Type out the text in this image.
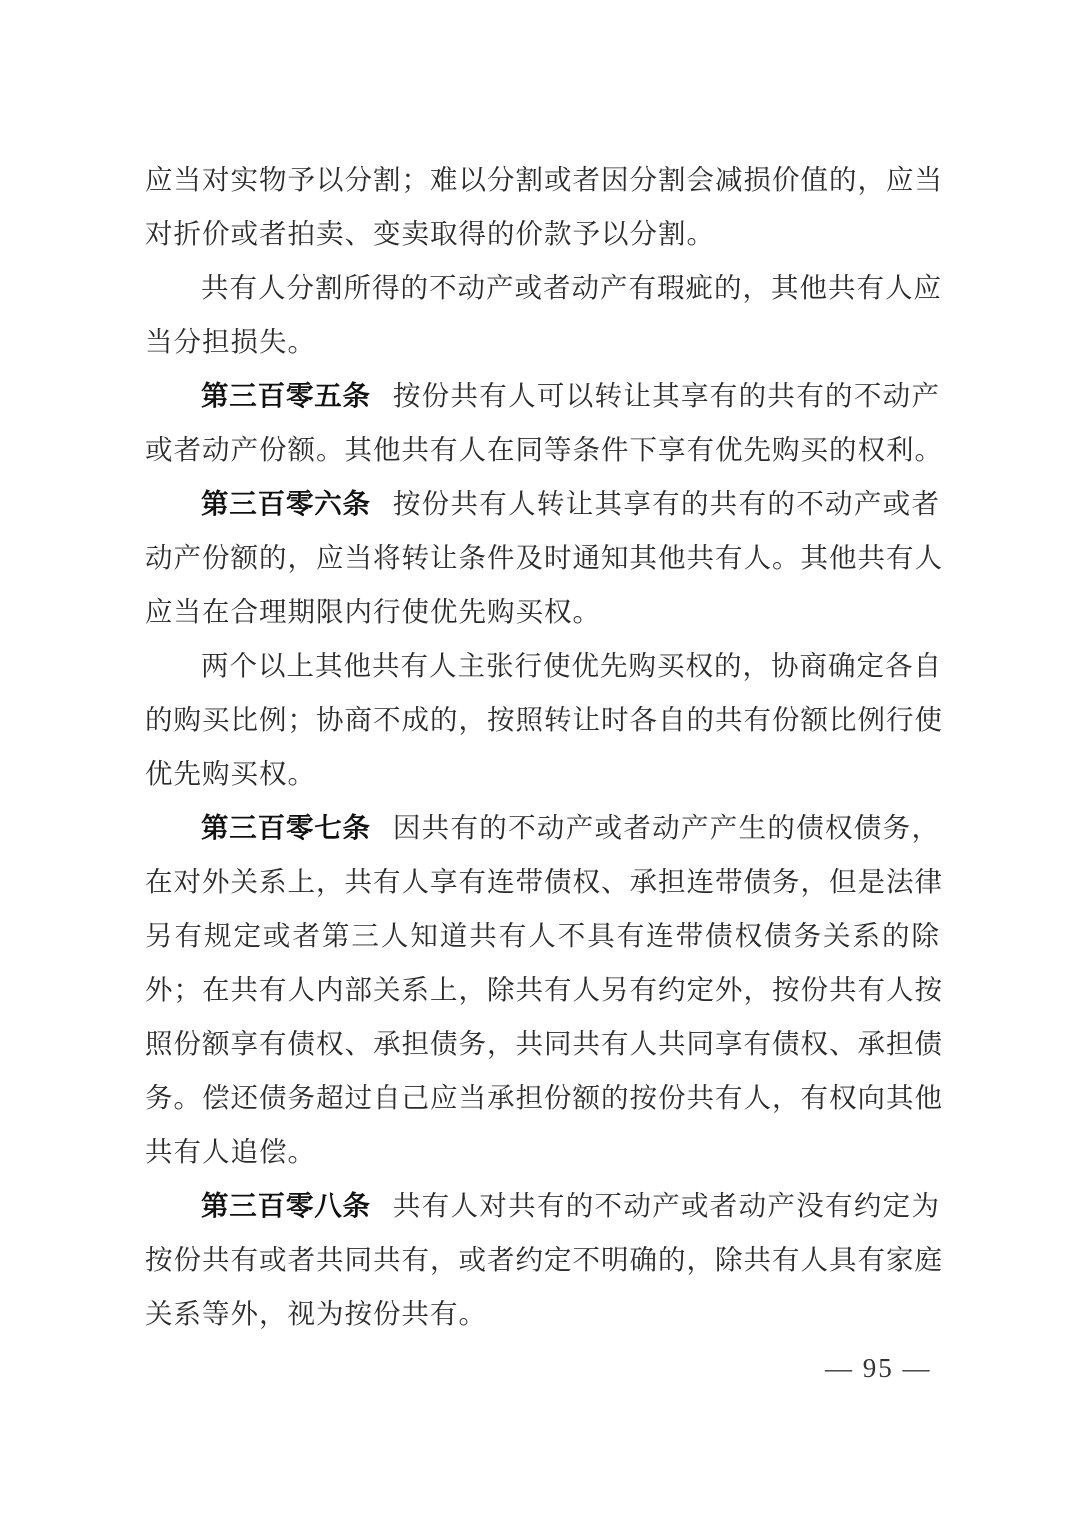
应当对实物予以分割；难以分割或者因分割会减损价值的，应当
对折价或者拍卖、变卖取得的价款予以分割。
共有人分割所得的不动产或者动产有瑕疵的，其他共有人应
当分担损失。
第三百零五条 按份共有人可以转让其享有的共有的不动产
或者动产份额。其他共有人在同等条件下享有优先购买的权利。
第三百零六条 按份共有人转让其享有的共有的不动产或者
动产份额的，应当将转让条件及时通知其他共有人。其他共有人
应当在合理期限内行使优先购买权。
两个以上其他共有人主张行使优先购买权的，协商确定各自
的购买比例；协商不成的，按照转让时各自的共有份额比例行使
优先购买权。
第三百零七条 因共有的不动产或者动产产生的债权债务，
在对外关系上，共有人享有连带债权、承担连带债务，但是法律
另有规定或者第三人知道共有人不具有连带债权债务关系的除
外；在共有人内部关系上，除共有人另有约定外，按份共有人按
照份额享有债权、承担债务，共同共有人共同享有债权、承担债
务。偿还债务超过自己应当承担份额的按份共有人，有权向其他
共有人追偿。
第三百零八条 共有人对共有的不动产或者动产没有约定为
按份共有或者共同共有，或者约定不明确的，除共有人具有家庭
关系等外，视为按份共有。
— 95 —
